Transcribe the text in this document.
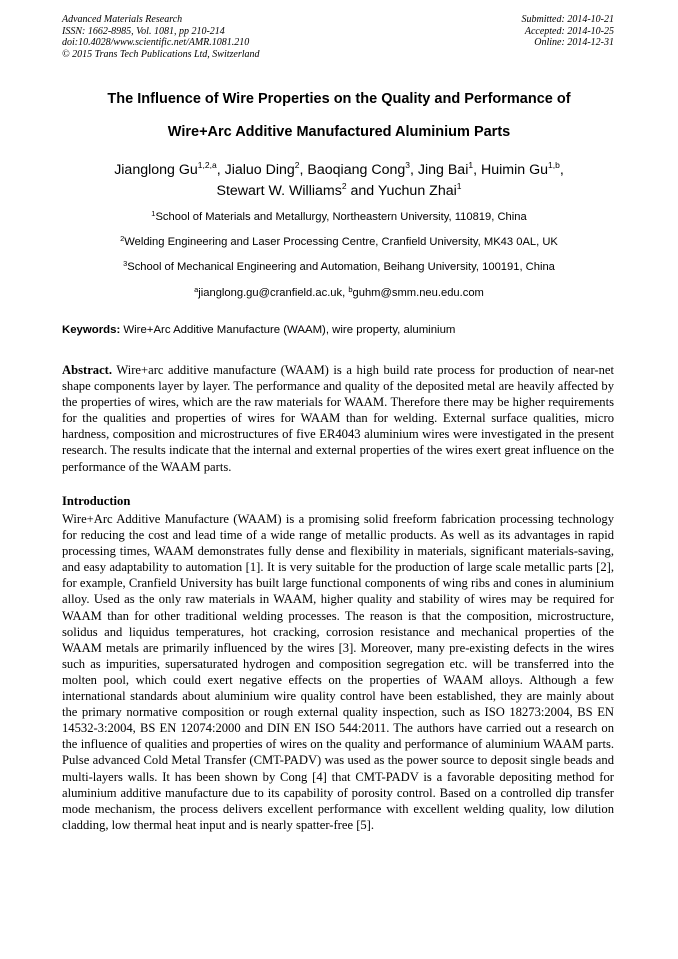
Advanced Materials Research
ISSN: 1662-8985, Vol. 1081, pp 210-214
doi:10.4028/www.scientific.net/AMR.1081.210
© 2015 Trans Tech Publications Ltd, Switzerland
Submitted: 2014-10-21
Accepted: 2014-10-25
Online: 2014-12-31
The Influence of Wire Properties on the Quality and Performance of
Wire+Arc Additive Manufactured Aluminium Parts
Jianglong Gu$^{1,2,a}$, Jialuo Ding$^2$, Baoqiang Cong$^3$, Jing Bai$^1$, Huimin Gu$^{1,b}$,
Stewart W. Williams$^2$ and Yuchun Zhai$^1$
$^1$School of Materials and Metallurgy, Northeastern University, 110819, China
$^2$Welding Engineering and Laser Processing Centre, Cranfield University, MK43 0AL, UK
$^3$School of Mechanical Engineering and Automation, Beihang University, 100191, China
$^a$jianglong.gu@cranfield.ac.uk, $^b$guhm@smm.neu.edu.com
Keywords: Wire+Arc Additive Manufacture (WAAM), wire property, aluminium
Abstract. Wire+arc additive manufacture (WAAM) is a high build rate process for production of near-net shape components layer by layer. The performance and quality of the deposited metal are heavily affected by the properties of wires, which are the raw materials for WAAM. Therefore there may be higher requirements for the qualities and properties of wires for WAAM than for welding. External surface qualities, micro hardness, composition and microstructures of five ER4043 aluminium wires were investigated in the present research. The results indicate that the internal and external properties of the wires exert great influence on the performance of the WAAM parts.
Introduction
Wire+Arc Additive Manufacture (WAAM) is a promising solid freeform fabrication processing technology for reducing the cost and lead time of a wide range of metallic products. As well as its advantages in rapid processing times, WAAM demonstrates fully dense and flexibility in materials, significant materials-saving, and easy adaptability to automation [1]. It is very suitable for the production of large scale metallic parts [2], for example, Cranfield University has built large functional components of wing ribs and cones in aluminium alloy. Used as the only raw materials in WAAM, higher quality and stability of wires may be required for WAAM than for other traditional welding processes. The reason is that the composition, microstructure, solidus and liquidus temperatures, hot cracking, corrosion resistance and mechanical properties of the WAAM metals are primarily influenced by the wires [3]. Moreover, many pre-existing defects in the wires such as impurities, supersaturated hydrogen and composition segregation etc. will be transferred into the molten pool, which could exert negative effects on the properties of WAAM alloys. Although a few international standards about aluminium wire quality control have been established, they are mainly about the primary normative composition or rough external quality inspection, such as ISO 18273:2004, BS EN 14532-3:2004, BS EN 12074:2000 and DIN EN ISO 544:2011. The authors have carried out a research on the influence of qualities and properties of wires on the quality and performance of aluminium WAAM parts. Pulse advanced Cold Metal Transfer (CMT-PADV) was used as the power source to deposit single beads and multi-layers walls. It has been shown by Cong [4] that CMT-PADV is a favorable depositing method for aluminium additive manufacture due to its capability of porosity control. Based on a controlled dip transfer mode mechanism, the process delivers excellent performance with excellent welding quality, low dilution cladding, low thermal heat input and is nearly spatter-free [5].
